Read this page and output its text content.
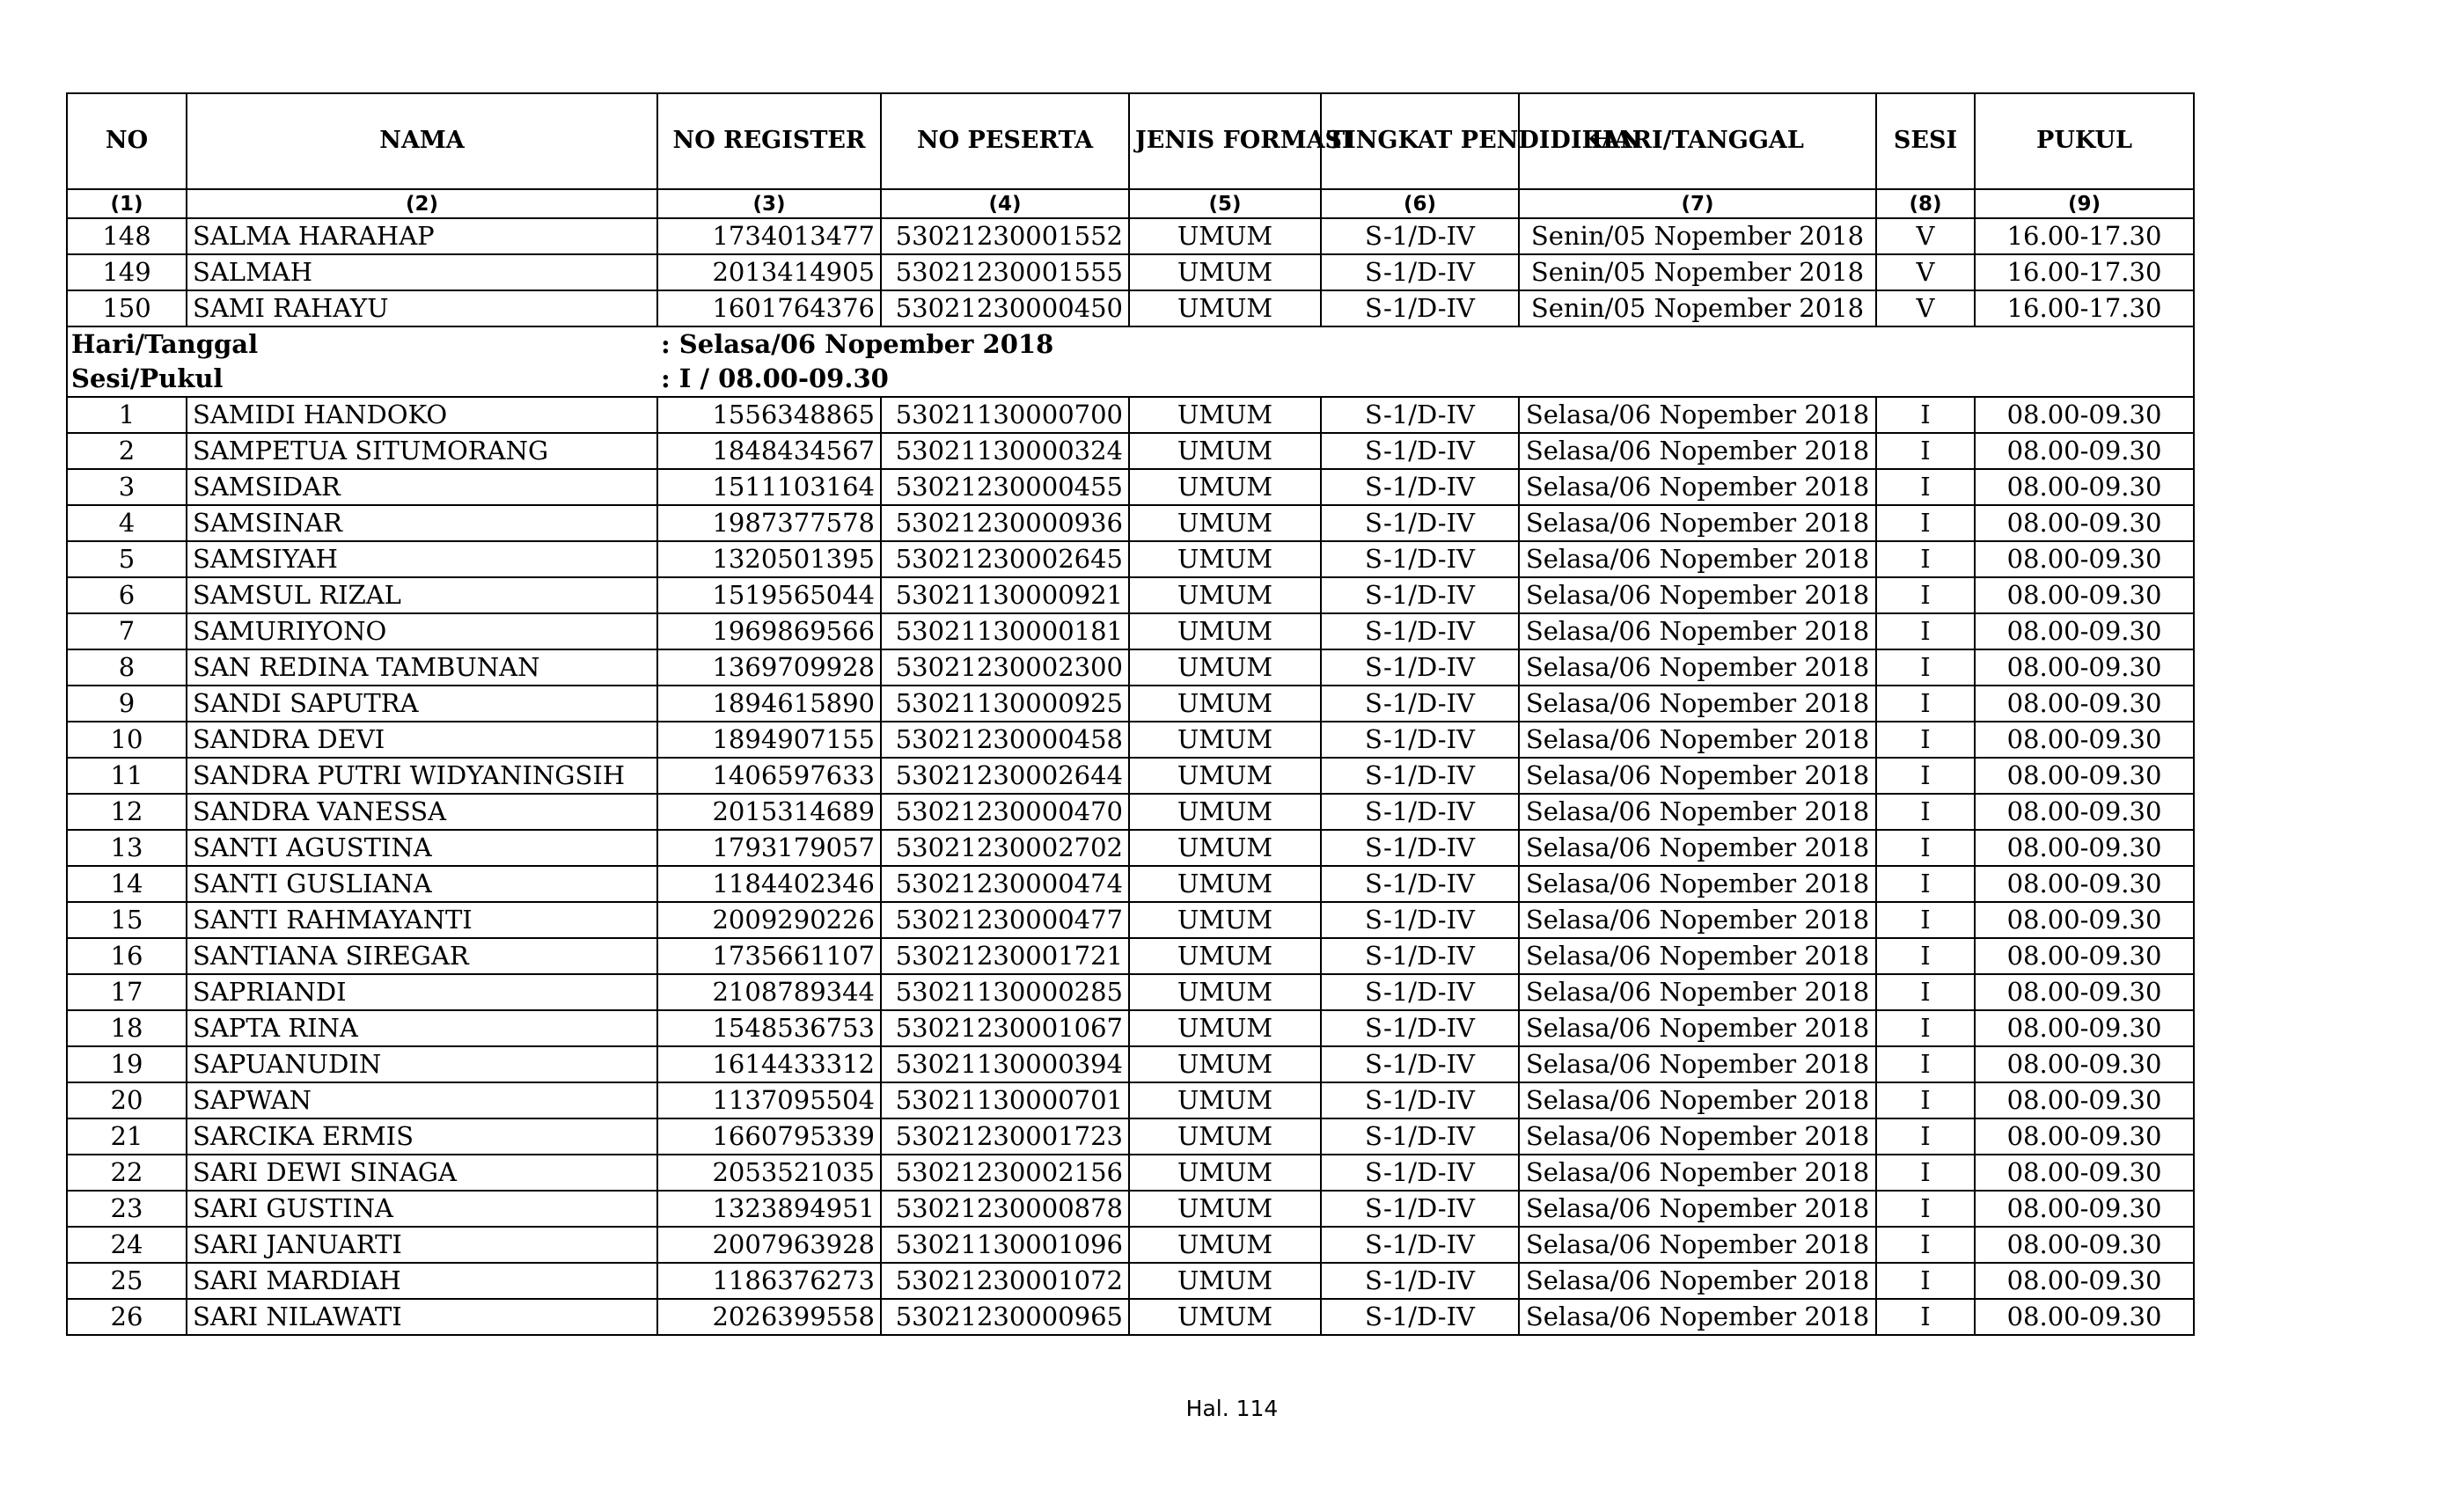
NO	NAMA	NO REGISTER	NO PESERTA	JENIS FORMASI	TINGKAT PENDIDIKAN	HARI/TANGGAL	SESI	PUKUL
(1)	(2)	(3)	(4)	(5)	(6)	(7)	(8)	(9)
148	SALMA HARAHAP	1734013477	53021230001552	UMUM	S-1/D-IV	Senin/05 Nopember 2018	V	16.00-17.30
149	SALMAH	2013414905	53021230001555	UMUM	S-1/D-IV	Senin/05 Nopember 2018	V	16.00-17.30
150	SAMI RAHAYU	1601764376	53021230000450	UMUM	S-1/D-IV	Senin/05 Nopember 2018	V	16.00-17.30
Hari/Tanggal		: Selasa/06 Nopember 2018						
Sesi/Pukul		: I / 08.00-09.30						
1	SAMIDI HANDOKO	1556348865	53021130000700	UMUM	S-1/D-IV	Selasa/06 Nopember 2018	I	08.00-09.30
2	SAMPETUA SITUMORANG	1848434567	53021130000324	UMUM	S-1/D-IV	Selasa/06 Nopember 2018	I	08.00-09.30
3	SAMSIDAR	1511103164	53021230000455	UMUM	S-1/D-IV	Selasa/06 Nopember 2018	I	08.00-09.30
4	SAMSINAR	1987377578	53021230000936	UMUM	S-1/D-IV	Selasa/06 Nopember 2018	I	08.00-09.30
5	SAMSIYAH	1320501395	53021230002645	UMUM	S-1/D-IV	Selasa/06 Nopember 2018	I	08.00-09.30
6	SAMSUL RIZAL	1519565044	53021130000921	UMUM	S-1/D-IV	Selasa/06 Nopember 2018	I	08.00-09.30
7	SAMURIYONO	1969869566	53021130000181	UMUM	S-1/D-IV	Selasa/06 Nopember 2018	I	08.00-09.30
8	SAN REDINA TAMBUNAN	1369709928	53021230002300	UMUM	S-1/D-IV	Selasa/06 Nopember 2018	I	08.00-09.30
9	SANDI SAPUTRA	1894615890	53021130000925	UMUM	S-1/D-IV	Selasa/06 Nopember 2018	I	08.00-09.30
10	SANDRA DEVI	1894907155	53021230000458	UMUM	S-1/D-IV	Selasa/06 Nopember 2018	I	08.00-09.30
11	SANDRA PUTRI WIDYANINGSIH	1406597633	53021230002644	UMUM	S-1/D-IV	Selasa/06 Nopember 2018	I	08.00-09.30
12	SANDRA VANESSA	2015314689	53021230000470	UMUM	S-1/D-IV	Selasa/06 Nopember 2018	I	08.00-09.30
13	SANTI AGUSTINA	1793179057	53021230002702	UMUM	S-1/D-IV	Selasa/06 Nopember 2018	I	08.00-09.30
14	SANTI GUSLIANA	1184402346	53021230000474	UMUM	S-1/D-IV	Selasa/06 Nopember 2018	I	08.00-09.30
15	SANTI RAHMAYANTI	2009290226	53021230000477	UMUM	S-1/D-IV	Selasa/06 Nopember 2018	I	08.00-09.30
16	SANTIANA SIREGAR	1735661107	53021230001721	UMUM	S-1/D-IV	Selasa/06 Nopember 2018	I	08.00-09.30
17	SAPRIANDI	2108789344	53021130000285	UMUM	S-1/D-IV	Selasa/06 Nopember 2018	I	08.00-09.30
18	SAPTA RINA	1548536753	53021230001067	UMUM	S-1/D-IV	Selasa/06 Nopember 2018	I	08.00-09.30
19	SAPUANUDIN	1614433312	53021130000394	UMUM	S-1/D-IV	Selasa/06 Nopember 2018	I	08.00-09.30
20	SAPWAN	1137095504	53021130000701	UMUM	S-1/D-IV	Selasa/06 Nopember 2018	I	08.00-09.30
21	SARCIKA ERMIS	1660795339	53021230001723	UMUM	S-1/D-IV	Selasa/06 Nopember 2018	I	08.00-09.30
22	SARI DEWI SINAGA	2053521035	53021230002156	UMUM	S-1/D-IV	Selasa/06 Nopember 2018	I	08.00-09.30
23	SARI GUSTINA	1323894951	53021230000878	UMUM	S-1/D-IV	Selasa/06 Nopember 2018	I	08.00-09.30
24	SARI JANUARTI	2007963928	53021130001096	UMUM	S-1/D-IV	Selasa/06 Nopember 2018	I	08.00-09.30
25	SARI MARDIAH	1186376273	53021230001072	UMUM	S-1/D-IV	Selasa/06 Nopember 2018	I	08.00-09.30
26	SARI NILAWATI	2026399558	53021230000965	UMUM	S-1/D-IV	Selasa/06 Nopember 2018	I	08.00-09.30
Hal. 114
